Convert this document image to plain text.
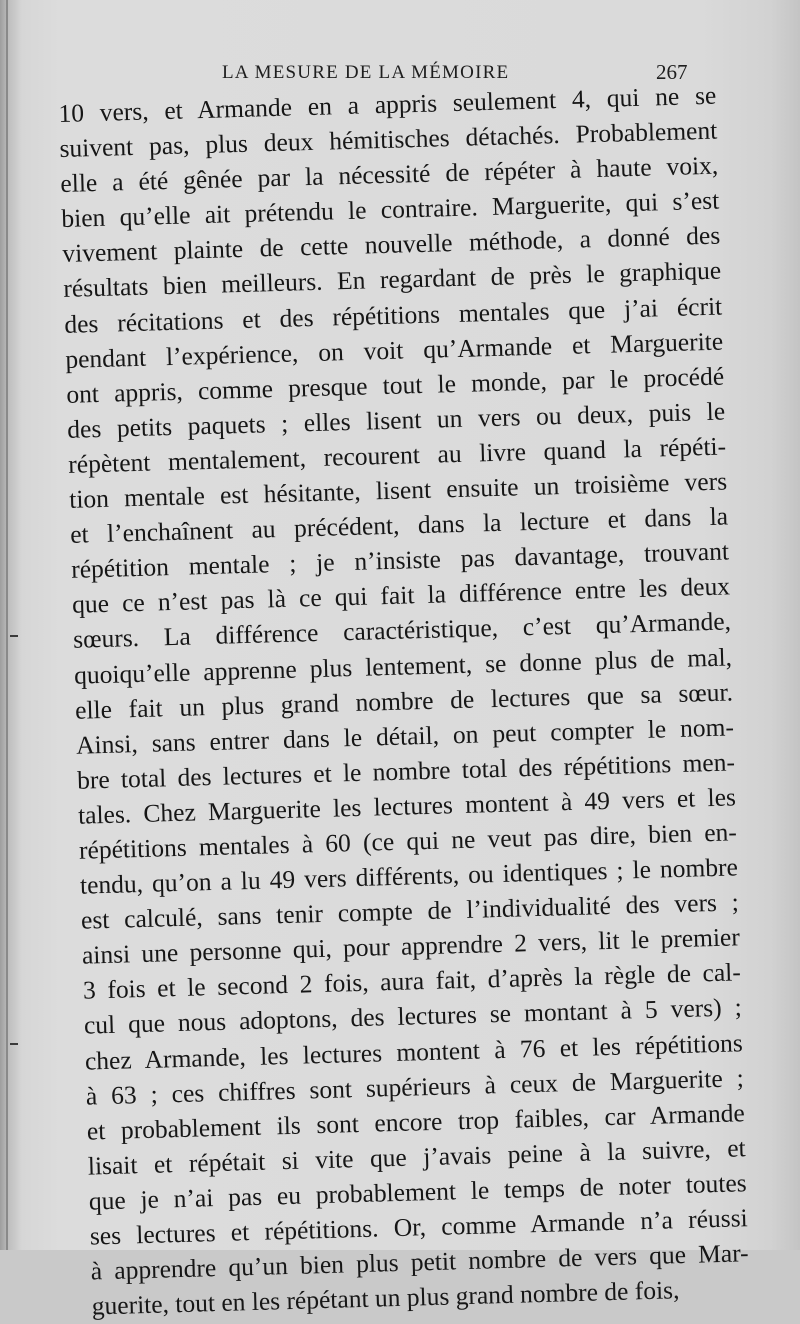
LA MESURE DE LA MÉMOIRE	267
10 vers, et Armande en a appris seulement 4, qui ne se
suivent pas, plus deux hémitisches détachés. Probablement
elle a été gênée par la nécessité de répéter à haute voix,
bien qu’elle ait prétendu le contraire. Marguerite, qui s’est
vivement plainte de cette nouvelle méthode, a donné des
résultats bien meilleurs. En regardant de près le graphique
des récitations et des répétitions mentales que j’ai écrit
pendant l’expérience, on voit qu’Armande et Marguerite
ont appris, comme presque tout le monde, par le procédé
des petits paquets ; elles lisent un vers ou deux, puis le
répètent mentalement, recourent au livre quand la répéti-
tion mentale est hésitante, lisent ensuite un troisième vers
et l’enchaînent au précédent, dans la lecture et dans la
répétition mentale ; je n’insiste pas davantage, trouvant
que ce n’est pas là ce qui fait la différence entre les deux
sœurs. La différence caractéristique, c’est qu’Armande,
quoiqu’elle apprenne plus lentement, se donne plus de mal,
elle fait un plus grand nombre de lectures que sa sœur.
Ainsi, sans entrer dans le détail, on peut compter le nom-
bre total des lectures et le nombre total des répétitions men-
tales. Chez Marguerite les lectures montent à 49 vers et les
répétitions mentales à 60 (ce qui ne veut pas dire, bien en-
tendu, qu’on a lu 49 vers différents, ou identiques ; le nombre
est calculé, sans tenir compte de l’individualité des vers ;
ainsi une personne qui, pour apprendre 2 vers, lit le premier
3 fois et le second 2 fois, aura fait, d’après la règle de cal-
cul que nous adoptons, des lectures se montant à 5 vers) ;
chez Armande, les lectures montent à 76 et les répétitions
à 63 ; ces chiffres sont supérieurs à ceux de Marguerite ;
et probablement ils sont encore trop faibles, car Armande
lisait et répétait si vite que j’avais peine à la suivre, et
que je n’ai pas eu probablement le temps de noter toutes
ses lectures et répétitions. Or, comme Armande n’a réussi
à apprendre qu’un bien plus petit nombre de vers que Mar-
guerite, tout en les répétant un plus grand nombre de fois,
